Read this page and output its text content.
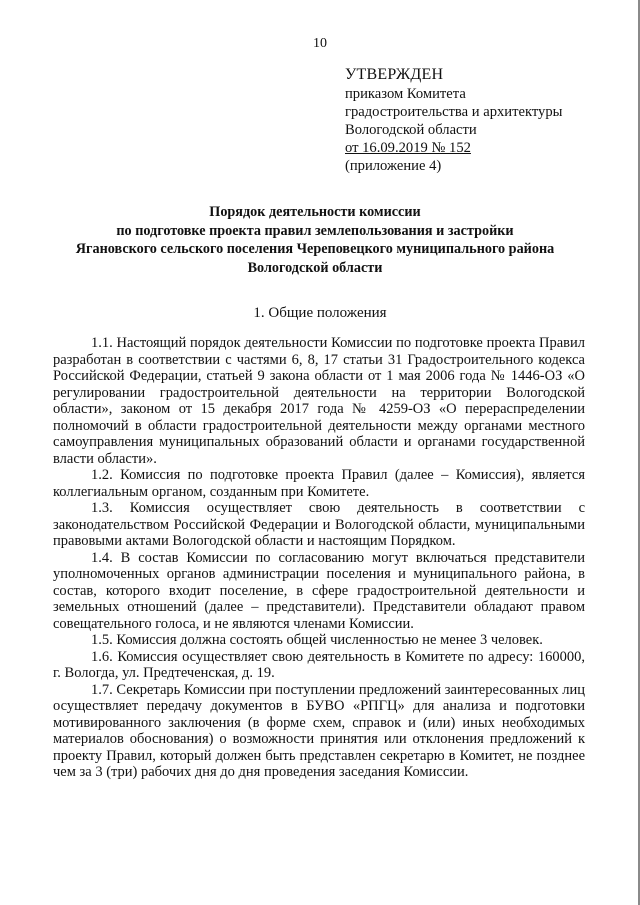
10
УТВЕРЖДЕН
приказом Комитета
градостроительства и архитектуры
Вологодской области
от 16.09.2019 № 152
(приложение 4)
Порядок деятельности комиссии
по подготовке проекта правил землепользования и застройки
Ягановского сельского поселения Череповецкого муниципального района
Вологодской области
1. Общие положения

1.1. Настоящий порядок деятельности Комиссии по подготовке проекта Правил разработан в соответствии с частями 6, 8, 17 статьи 31 Градостроительного кодекса Российской Федерации, статьей 9 закона области от 1 мая 2006 года № 1446-ОЗ «О регулировании градостроительной деятельности на территории Вологодской области», законом от 15 декабря 2017 года № 4259-ОЗ «О перераспределении полномочий в области градостроительной деятельности между органами местного самоуправления муниципальных образований области и органами государственной власти области».

1.2. Комиссия по подготовке проекта Правил (далее – Комиссия), является коллегиальным органом, созданным при Комитете.

1.3. Комиссия осуществляет свою деятельность в соответствии с законодательством Российской Федерации и Вологодской области, муниципальными правовыми актами Вологодской области и настоящим Порядком.

1.4. В состав Комиссии по согласованию могут включаться представители уполномоченных органов администрации поселения и муниципального района, в состав, которого входит поселение, в сфере градостроительной деятельности и земельных отношений (далее – представители). Представители обладают правом совещательного голоса, и не являются членами Комиссии.

1.5. Комиссия должна состоять общей численностью не менее 3 человек.

1.6. Комиссия осуществляет свою деятельность в Комитете по адресу: 160000, г. Вологда, ул. Предтеченская, д. 19.

1.7. Секретарь Комиссии при поступлении предложений заинтересованных лиц осуществляет передачу документов в БУВО «РПГЦ» для анализа и подготовки мотивированного заключения (в форме схем, справок и (или) иных необходимых материалов обоснования) о возможности принятия или отклонения предложений к проекту Правил, который должен быть представлен секретарю в Комитет, не позднее чем за 3 (три) рабочих дня до дня проведения заседания Комиссии.
